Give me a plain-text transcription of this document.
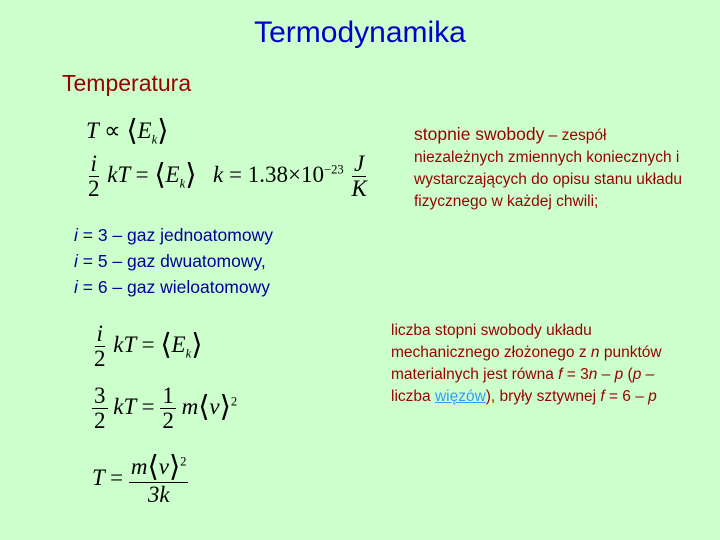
Termodynamika
Temperatura
$T \propto ⟨E_k⟩$
$\frac{i}{2}$ kT = $⟨E_k⟩$ $k = 1.38\times 10^{-23} \frac{J}{K}$
i = 3 – gaz jednoatomowy
i = 5 – gaz dwuatomowy,
i = 6 – gaz wieloatomowy
stopnie swobody – zespół
niezależnych zmiennych koniecznych i wystarczających do opisu stanu układu fizycznego w każdej chwili;
liczba stopni swobody układu mechanicznego złożonego z n punktów materialnych jest równa f = 3n – p (p – liczba więzów), bryły sztywnej f = 6 – p
$\frac{i}{2}$ kT = $⟨E_k⟩$
$\frac{3}{2}$ kT = $\frac{1}{2}$ m⟨v⟩$^2$
$T = \frac{m⟨v⟩^2}{3k}$
